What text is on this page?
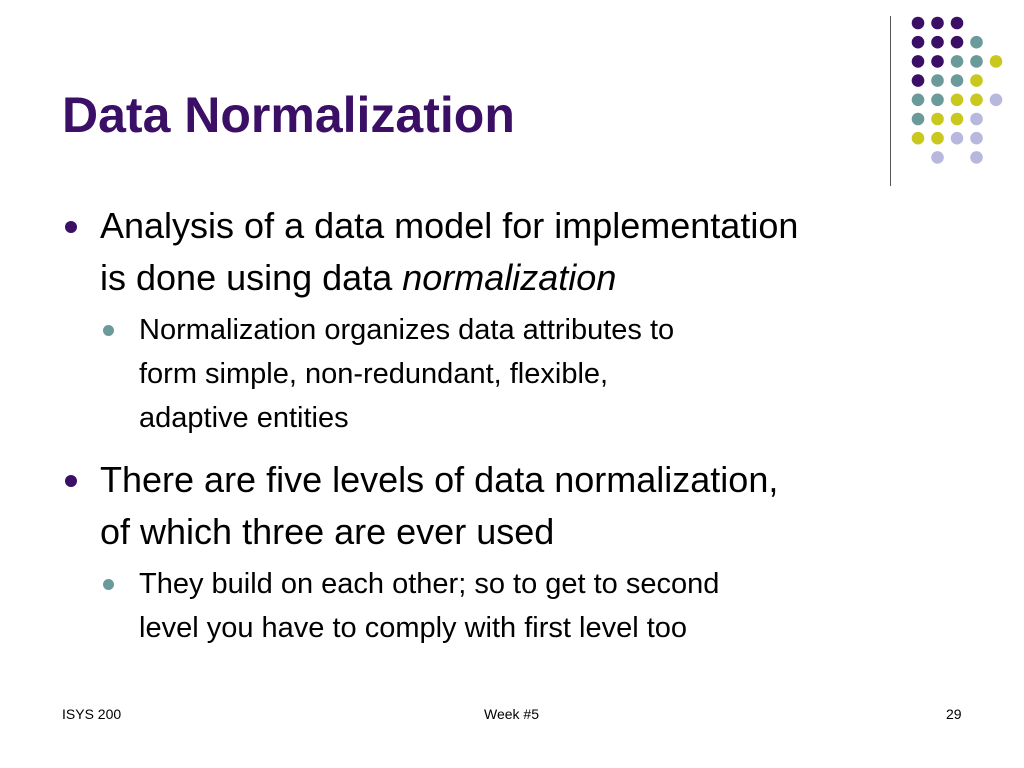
Data Normalization
Analysis of a data model for implementation
is done using data normalization
Normalization organizes data attributes to
form simple, non-redundant, flexible,
adaptive entities
There are five levels of data normalization,
of which three are ever used
They build on each other; so to get to second
level you have to comply with first level too
ISYS 200	Week #5	29
